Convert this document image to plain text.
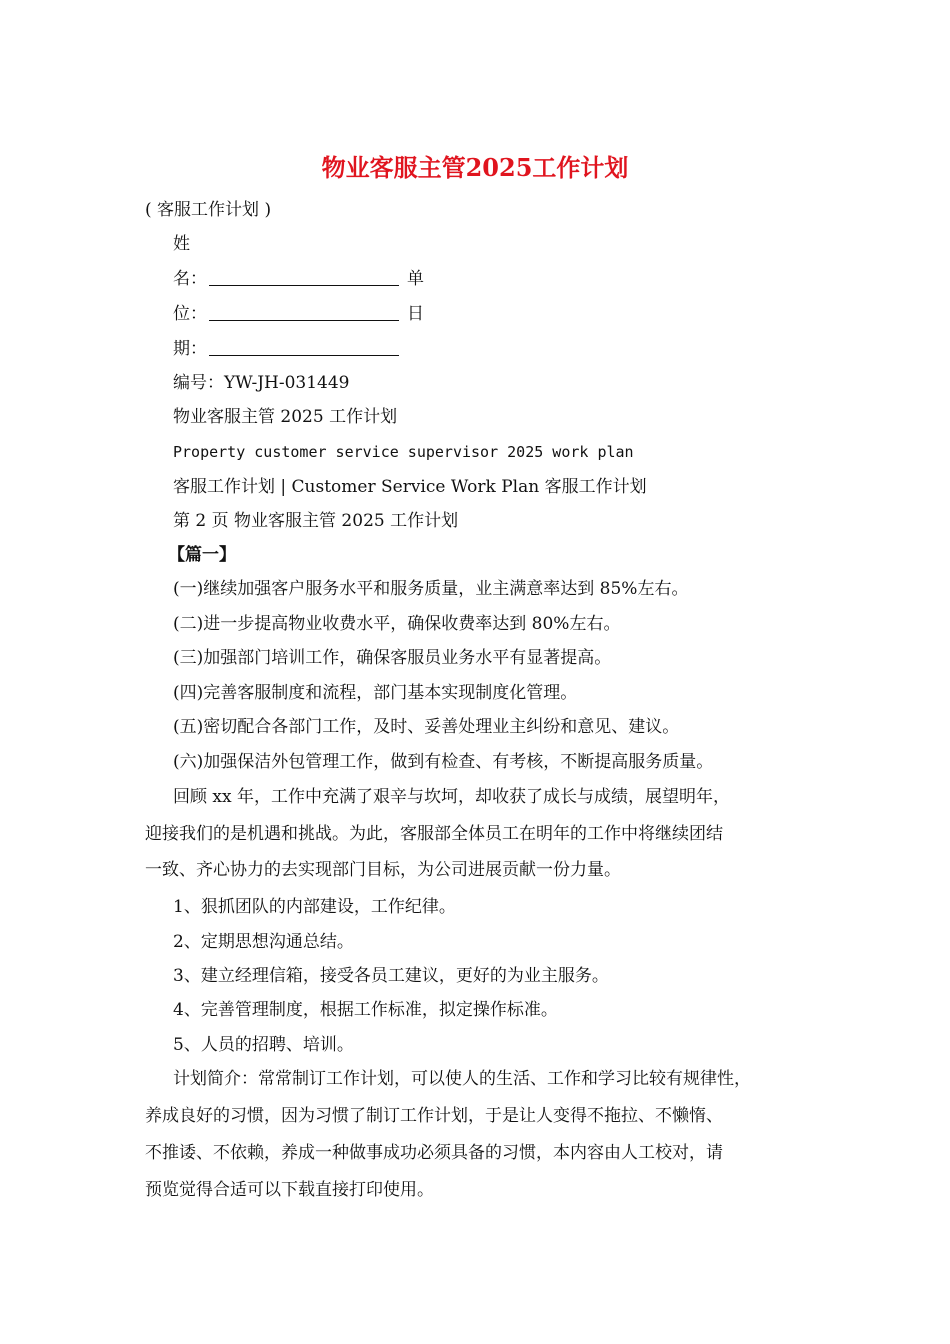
物业客服主管2025工作计划
( 客服工作计划 )
姓
名：	单
位：	日
期：
编号：YW-JH-031449
物业客服主管 2025 工作计划
Property customer service supervisor 2025 work plan
客服工作计划 | Customer Service Work Plan 客服工作计划
第 2 页 物业客服主管 2025 工作计划
【篇一】
(一)继续加强客户服务水平和服务质量，业主满意率达到 85%左右。
(二)进一步提高物业收费水平，确保收费率达到 80%左右。
(三)加强部门培训工作，确保客服员业务水平有显著提高。
(四)完善客服制度和流程，部门基本实现制度化管理。
(五)密切配合各部门工作，及时、妥善处理业主纠纷和意见、建议。
(六)加强保洁外包管理工作，做到有检查、有考核，不断提高服务质量。
回顾 xx 年，工作中充满了艰辛与坎坷，却收获了成长与成绩，展望明年，
迎接我们的是机遇和挑战。为此，客服部全体员工在明年的工作中将继续团结
一致、齐心协力的去实现部门目标，为公司进展贡献一份力量。
1、狠抓团队的内部建设，工作纪律。
2、定期思想沟通总结。
3、建立经理信箱，接受各员工建议，更好的为业主服务。
4、完善管理制度，根据工作标准，拟定操作标准。
5、人员的招聘、培训。
计划简介：常常制订工作计划，可以使人的生活、工作和学习比较有规律性，
养成良好的习惯，因为习惯了制订工作计划，于是让人变得不拖拉、不懒惰、
不推诿、不依赖，养成一种做事成功必须具备的习惯，本内容由人工校对，请
预览觉得合适可以下载直接打印使用。
